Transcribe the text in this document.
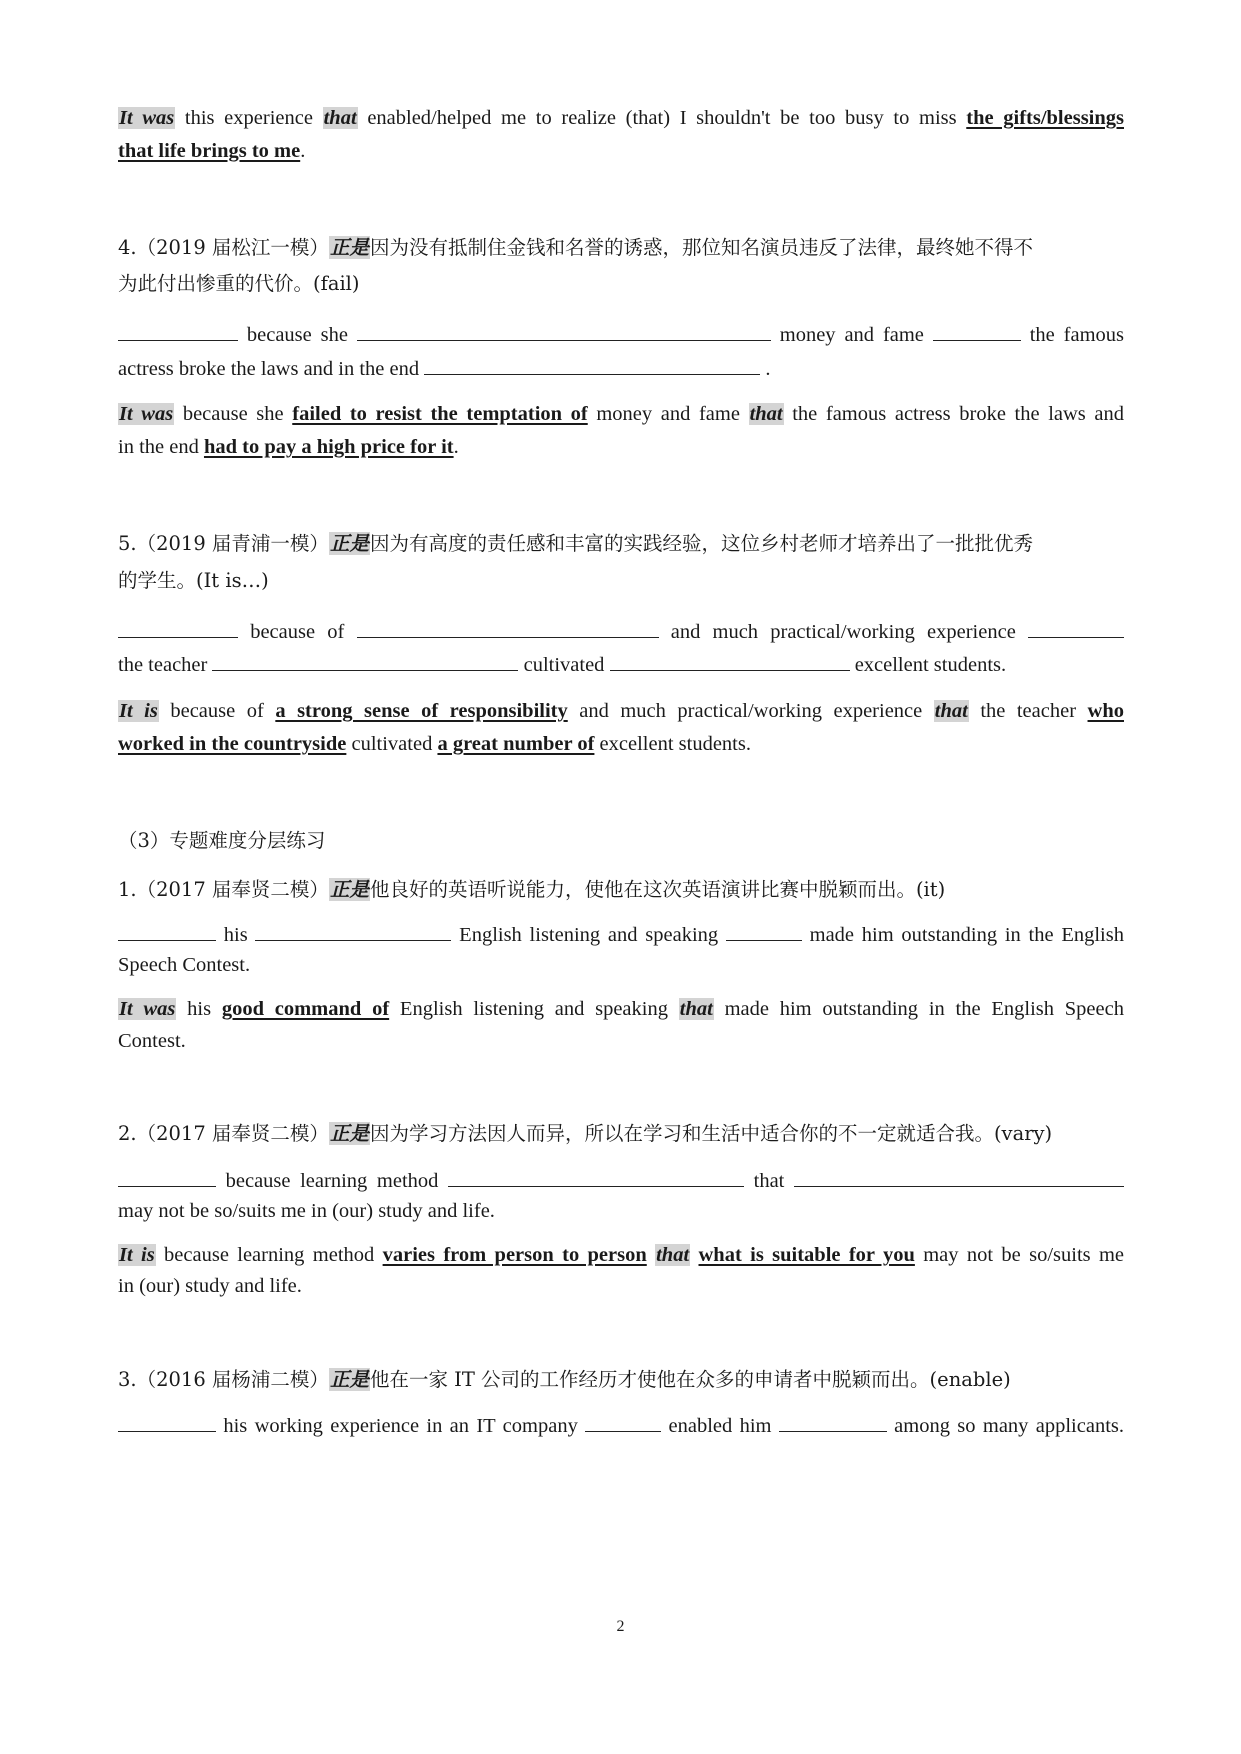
It was this experience that enabled/helped me to realize (that) I shouldn't be too busy to miss the gifts/blessings
that life brings to me.
4.（2019 届松江一模）正是因为没有抵制住金钱和名誉的诱惑，那位知名演员违反了法律，最终她不得不
为此付出惨重的代价。(fail)
because she	money and fame	the famous
actress broke the laws and in the end	.
It was because she failed to resist the temptation of money and fame that the famous actress broke the laws and
in the end had to pay a high price for it.
5.（2019 届青浦一模）正是因为有高度的责任感和丰富的实践经验，这位乡村老师才培养出了一批批优秀
的学生。(It is…)
because of	and much practical/working experience
the teacher	cultivated	excellent students.
It is because of a strong sense of responsibility and much practical/working experience that the teacher who
worked in the countryside cultivated a great number of excellent students.
（3）专题难度分层练习
1.（2017 届奉贤二模）正是他良好的英语听说能力，使他在这次英语演讲比赛中脱颖而出。(it)
his	English listening and speaking	made him outstanding in the English
Speech Contest.
It was his good command of English listening and speaking that made him outstanding in the English Speech
Contest.
2.（2017 届奉贤二模）正是因为学习方法因人而异，所以在学习和生活中适合你的不一定就适合我。(vary)
because learning method	that
may not be so/suits me in (our) study and life.
It is because learning method varies from person to person that what is suitable for you may not be so/suits me
in (our) study and life.
3.（2016 届杨浦二模）正是他在一家 IT 公司的工作经历才使他在众多的申请者中脱颖而出。(enable)
his working experience in an IT company	enabled him	among so many applicants.
2
